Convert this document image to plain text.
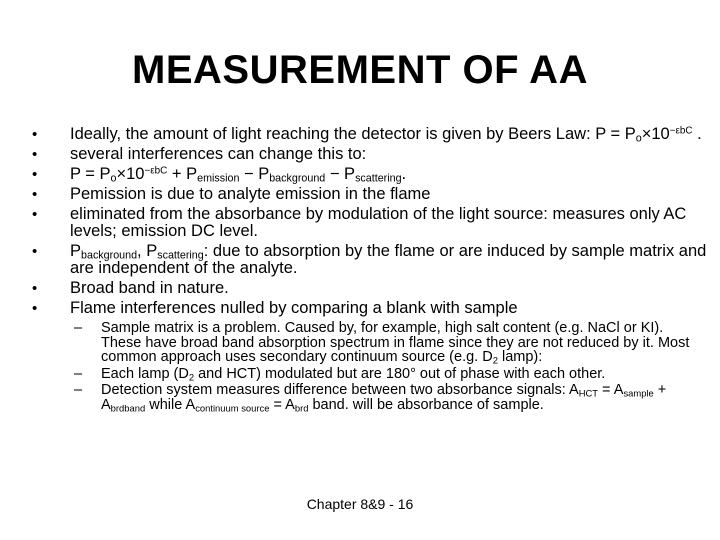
MEASUREMENT OF AA
• Ideally, the amount of light reaching the detector is given by Beers Law: $P = P_o\times 10^{-\varepsilon bC}$ .
• several interferences can change this to:
• $P = P_o\times 10^{-\varepsilon bC} + P_{emission} - P_{background} - P_{scattering}$.
• Pemission is due to analyte emission in the flame
• eliminated from the absorbance by modulation of the light source: measures only AC levels; emission DC level.
• $P_{background}$, $P_{scattering}$: due to absorption by the flame or are induced by sample matrix and are independent of the analyte.
• Broad band in nature.
• Flame interferences nulled by comparing a blank with sample
– Sample matrix is a problem. Caused by, for example, high salt content (e.g. NaCl or KI). These have broad band absorption spectrum in flame since they are not reduced by it. Most common approach uses secondary continuum source (e.g. $D_2$ lamp):
– Each lamp ($D_2$ and HCT) modulated but are 180° out of phase with each other.
– Detection system measures difference between two absorbance signals: $A_{HCT} = A_{sample} + A_{brdband}$ while $A_{continuum source} = A_{brd}$ band. will be absorbance of sample.
Chapter 8&9 - 16
